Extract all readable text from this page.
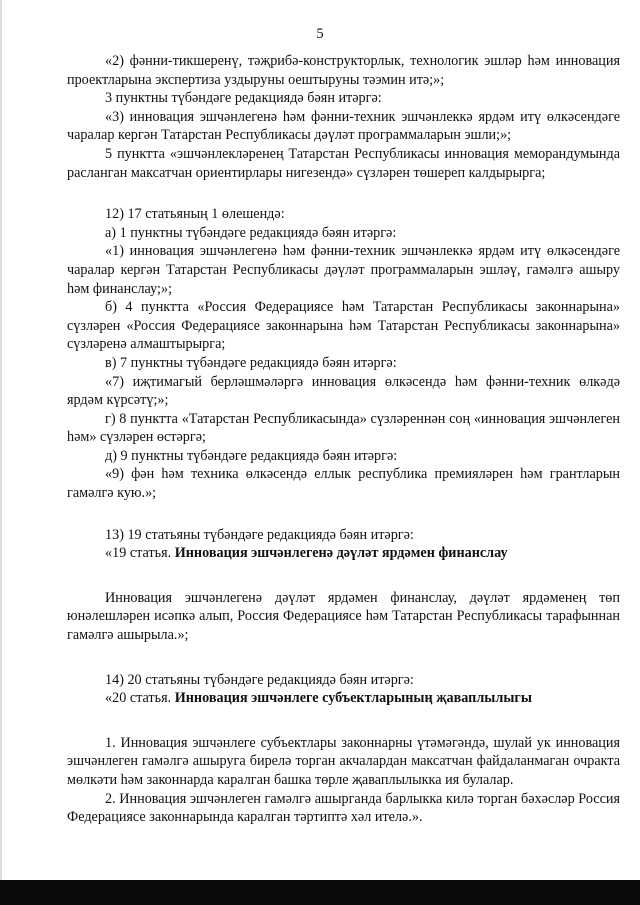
5

«2) фәнни-тикшеренү, тәҗрибә-конструкторлык, технологик эшләр һәм инновация проектларына экспертиза уздыруны оештыруны тәэмин итә;»;

3 пунктны түбәндәге редакциядә бәян итәргә:

«3) инновация эшчәнлегенә һәм фәнни-техник эшчәнлеккә ярдәм итү өлкәсендәге чаралар кергән Татарстан Республикасы дәүләт программаларын эшли;»;

5 пунктта «эшчәнлекләренең Татарстан Республикасы инновация меморандумында расланган максатчан ориентирлары нигезендә» сүзләрен төшереп калдырырга;

12) 17 статьяның 1 өлешендә:

а) 1 пунктны түбәндәге редакциядә бәян итәргә:

«1) инновация эшчәнлегенә һәм фәнни-техник эшчәнлеккә ярдәм итү өлкәсендәге чаралар кергән Татарстан Республикасы дәүләт программаларын эшләү, гамәлгә ашыру һәм финанслау;»;

б) 4 пунктта «Россия Федерациясе һәм Татарстан Республикасы законнарына» сүзләрен «Россия Федерациясе законнарына һәм Татарстан Республикасы законнарына» сүзләренә алмаштырырга;

в) 7 пунктны түбәндәге редакциядә бәян итәргә:

«7) иҗтимагый берләшмәләргә инновация өлкәсендә һәм фәнни-техник өлкәдә ярдәм күрсәтү;»;

г) 8 пунктта «Татарстан Республикасында» сүзләреннән соң «инновация эшчәнлеген һәм» сүзләрен өстәргә;

д) 9 пунктны түбәндәге редакциядә бәян итәргә:

«9) фән һәм техника өлкәсендә еллык республика премияләрен һәм грантларын гамәлгә кую.»;

13) 19 статьяны түбәндәге редакциядә бәян итәргә:

«19 статья. Инновация эшчәнлегенә дәүләт ярдәмен финанслау

Инновация эшчәнлегенә дәүләт ярдәмен финанслау, дәүләт ярдәменең төп юнәлешләрен исәпкә алып, Россия Федерациясе һәм Татарстан Республикасы тарафыннан гамәлгә ашырыла.»;

14) 20 статьяны түбәндәге редакциядә бәян итәргә:

«20 статья. Инновация эшчәнлеге субъектларының җаваплылыгы

1. Инновация эшчәнлеге субъектлары законнарны үтәмәгәндә, шулай ук инновация эшчәнлеген гамәлгә ашыруга бирелә торган акчалардан максатчан файдаланмаган очракта мөлкәти һәм законнарда каралган башка төрле җаваплылыкка ия булалар.

2. Инновация эшчәнлеген гамәлгә ашырганда барлыкка килә торган бәхәсләр Россия Федерациясе законнарында каралган тәртиптә хәл ителә.».
